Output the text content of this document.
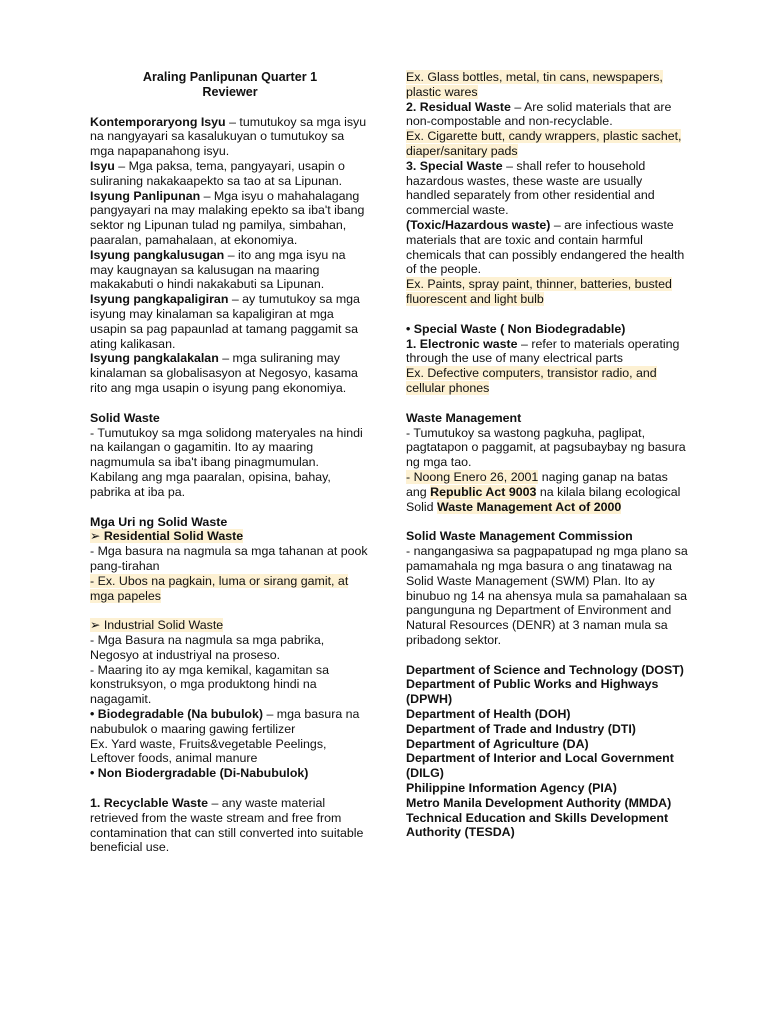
Araling Panlipunan Quarter 1
Reviewer

Kontemporaryong Isyu – tumutukoy sa mga isyu na nangyayari sa kasalukuyan o tumutukoy sa mga napapanahong isyu.

Isyu – Mga paksa, tema, pangyayari, usapin o suliraning nakakaapekto sa tao at sa Lipunan.

Isyung Panlipunan – Mga isyu o mahahalagang pangyayari na may malaking epekto sa iba't ibang sektor ng Lipunan tulad ng pamilya, simbahan, paaralan, pamahalaan, at ekonomiya.

Isyung pangkalusugan – ito ang mga isyu na may kaugnayan sa kalusugan na maaring makakabuti o hindi nakakabuti sa Lipunan.

Isyung pangkapaligiran – ay tumutukoy sa mga isyung may kinalaman sa kapaligiran at mga usapin sa pag papaunlad at tamang paggamit sa ating kalikasan.

Isyung pangkalakalan – mga suliraning may kinalaman sa globalisasyon at Negosyo, kasama rito ang mga usapin o isyung pang ekonomiya.

Solid Waste

- Tumutukoy sa mga solidong materyales na hindi na kailangan o gagamitin. Ito ay maaring nagmumula sa iba't ibang pinagmumulan. Kabilang ang mga paaralan, opisina, bahay, pabrika at iba pa.

Mga Uri ng Solid Waste

➢ Residential Solid Waste

- Mga basura na nagmula sa mga tahanan at pook pang-tirahan

- Ex. Ubos na pagkain, luma or sirang gamit, at mga papeles

➢ Industrial Solid Waste

- Mga Basura na nagmula sa mga pabrika, Negosyo at industriyal na proseso.

- Maaring ito ay mga kemikal, kagamitan sa konstruksyon, o mga produktong hindi na nagagamit.

• Biodegradable (Na bubulok) – mga basura na nabubulok o maaring gawing fertilizer

Ex. Yard waste, Fruits&vegetable Peelings, Leftover foods, animal manure

• Non Biodergradable (Di-Nabubulok)

1. Recyclable Waste – any waste material retrieved from the waste stream and free from contamination that can still converted into suitable beneficial use.

Ex. Glass bottles, metal, tin cans, newspapers, plastic wares

2. Residual Waste – Are solid materials that are non-compostable and non-recyclable.

Ex. Cigarette butt, candy wrappers, plastic sachet, diaper/sanitary pads

3. Special Waste – shall refer to household hazardous wastes, these waste are usually handled separately from other residential and commercial waste.

(Toxic/Hazardous waste) – are infectious waste materials that are toxic and contain harmful chemicals that can possibly endangered the health of the people.

Ex. Paints, spray paint, thinner, batteries, busted fluorescent and light bulb

• Special Waste ( Non Biodegradable)

1. Electronic waste – refer to materials operating through the use of many electrical parts

Ex. Defective computers, transistor radio, and cellular phones

Waste Management

- Tumutukoy sa wastong pagkuha, paglipat, pagtatapon o paggamit, at pagsubaybay ng basura ng mga tao.

- Noong Enero 26, 2001 naging ganap na batas ang Republic Act 9003 na kilala bilang ecological Solid Waste Management Act of 2000

Solid Waste Management Commission

- nangangasiwa sa pagpapatupad ng mga plano sa pamamahala ng mga basura o ang tinatawag na Solid Waste Management (SWM) Plan. Ito ay binubuo ng 14 na ahensya mula sa pamahalaan sa pangunguna ng Department of Environment and Natural Resources (DENR) at 3 naman mula sa pribadong sektor.

Department of Science and Technology (DOST)

Department of Public Works and Highways (DPWH)

Department of Health (DOH)

Department of Trade and Industry (DTI)

Department of Agriculture (DA)

Department of Interior and Local Government (DILG)

Philippine Information Agency (PIA)

Metro Manila Development Authority (MMDA)

Technical Education and Skills Development Authority (TESDA)
